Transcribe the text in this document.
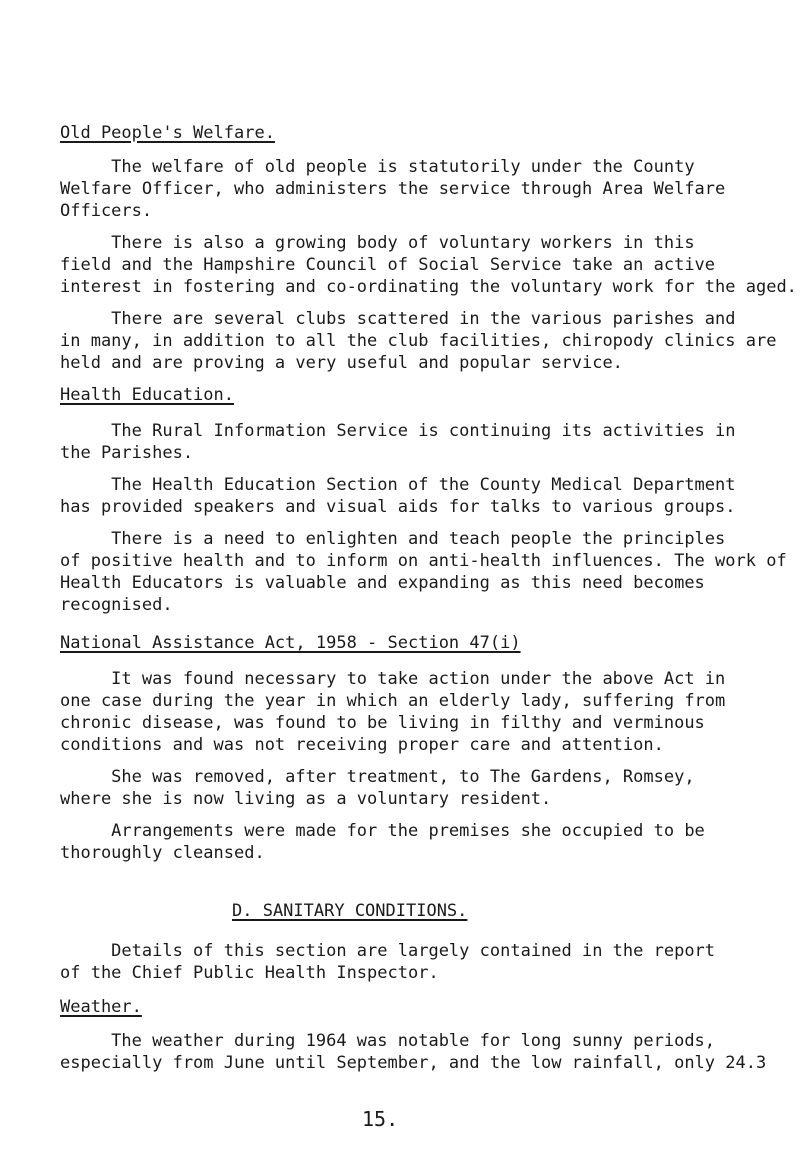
Old People's Welfare.
The welfare of old people is statutorily under the County
Welfare Officer, who administers the service through Area Welfare
Officers.
There is also a growing body of voluntary workers in this
field and the Hampshire Council of Social Service take an active
interest in fostering and co-ordinating the voluntary work for the aged.
There are several clubs scattered in the various parishes and
in many, in addition to all the club facilities, chiropody clinics are
held and are proving a very useful and popular service.
Health Education.
The Rural Information Service is continuing its activities in
the Parishes.
The Health Education Section of the County Medical Department
has provided speakers and visual aids for talks to various groups.
There is a need to enlighten and teach people the principles
of positive health and to inform on anti-health influences. The work of
Health Educators is valuable and expanding as this need becomes
recognised.
National Assistance Act, 1958 - Section 47(i)
It was found necessary to take action under the above Act in
one case during the year in which an elderly lady, suffering from
chronic disease, was found to be living in filthy and verminous
conditions and was not receiving proper care and attention.
She was removed, after treatment, to The Gardens, Romsey,
where she is now living as a voluntary resident.
Arrangements were made for the premises she occupied to be
thoroughly cleansed.
D. SANITARY CONDITIONS.
Details of this section are largely contained in the report
of the Chief Public Health Inspector.
Weather.
The weather during 1964 was notable for long sunny periods,
especially from June until September, and the low rainfall, only 24.3
15.
